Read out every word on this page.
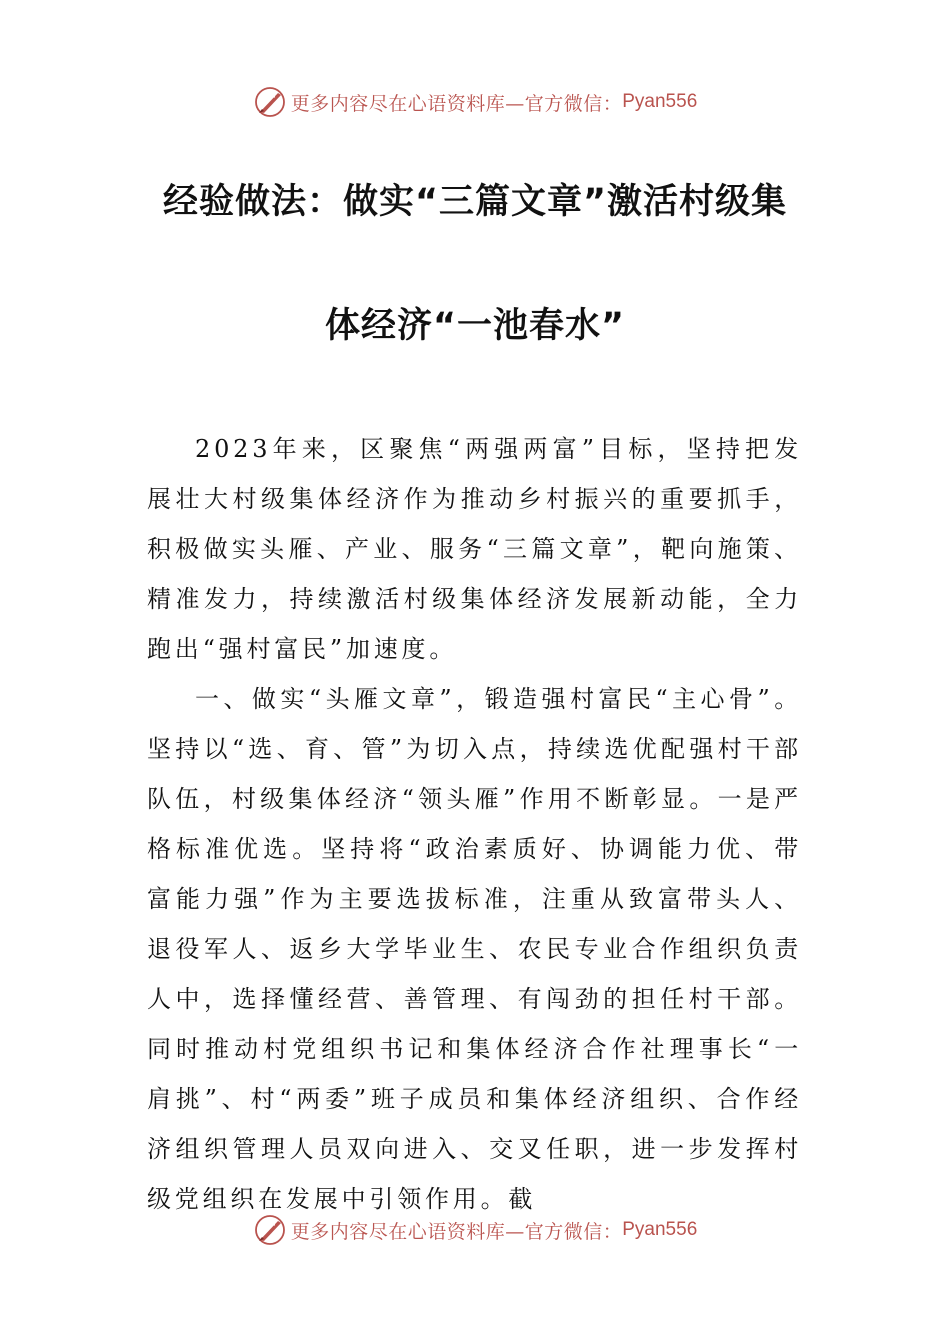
更多内容尽在心语资料库—官方微信： Pyan556
经验做法：做实“三篇文章”激活村级集
体经济“一池春水”

2023年来，区聚焦“两强两富”目标，坚持把发展壮大村级集体经济作为推动乡村振兴的重要抓手，积极做实头雁、产业、服务“三篇文章”，靶向施策、精准发力，持续激活村级集体经济发展新动能，全力跑出“强村富民”加速度。

一、做实“头雁文章”，锻造强村富民“主心骨”。坚持以“选、育、管”为切入点，持续选优配强村干部队伍，村级集体经济“领头雁”作用不断彰显。一是严格标准优选。坚持将“政治素质好、协调能力优、带富能力强”作为主要选拔标准，注重从致富带头人、退役军人、返乡大学毕业生、农民专业合作组织负责人中，选择懂经营、善管理、有闯劲的担任村干部。同时推动村党组织书记和集体经济合作社理事长“一肩挑”、村“两委”班子成员和集体经济组织、合作经济组织管理人员双向进入、交叉任职，进一步发挥村级党组织在发展中引领作用。截

更多内容尽在心语资料库—官方微信： Pyan556
